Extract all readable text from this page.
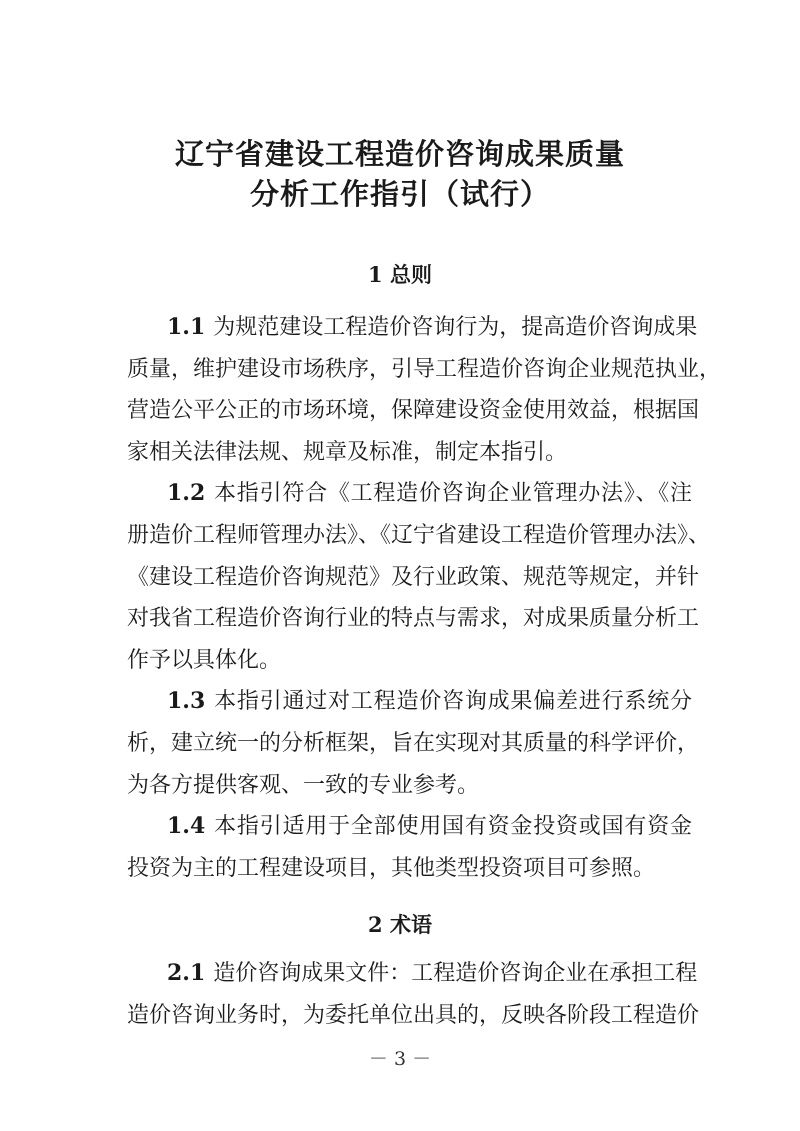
辽宁省建设工程造价咨询成果质量
分析工作指引（试行）
1 总则
1.1 为规范建设工程造价咨询行为，提高造价咨询成果
质量，维护建设市场秩序，引导工程造价咨询企业规范执业，
营造公平公正的市场环境，保障建设资金使用效益，根据国
家相关法律法规、规章及标准，制定本指引。
1.2 本指引符合《工程造价咨询企业管理办法》、《注
册造价工程师管理办法》、《辽宁省建设工程造价管理办法》、
《建设工程造价咨询规范》及行业政策、规范等规定，并针
对我省工程造价咨询行业的特点与需求，对成果质量分析工
作予以具体化。
1.3 本指引通过对工程造价咨询成果偏差进行系统分
析，建立统一的分析框架，旨在实现对其质量的科学评价，
为各方提供客观、一致的专业参考。
1.4 本指引适用于全部使用国有资金投资或国有资金
投资为主的工程建设项目，其他类型投资项目可参照。
2 术语
2.1 造价咨询成果文件：工程造价咨询企业在承担工程
造价咨询业务时，为委托单位出具的，反映各阶段工程造价
－ 3 －
